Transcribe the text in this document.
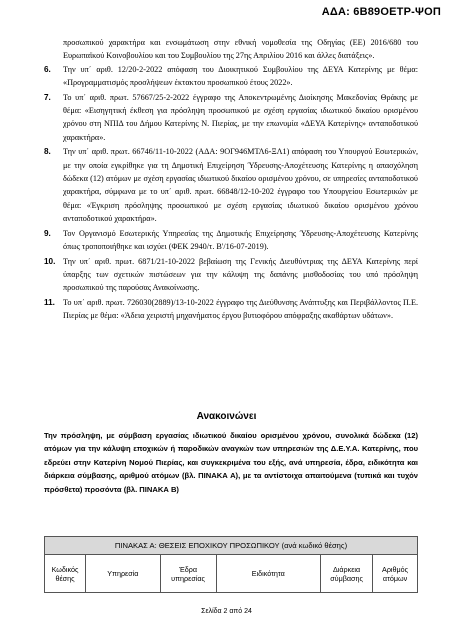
ΑΔΑ: 6Β89ΟΕΤΡ-ΨΟΠ

προσωπικού χαρακτήρα και ενσωμάτωση στην εθνική νομοθεσία της Οδηγίας (ΕΕ) 2016/680 του Ευρωπαϊκού Κοινοβουλίου και του Συμβουλίου της 27ης Απριλίου 2016 και άλλες διατάξεις».

6. Την υπ΄ αριθ. 12/20-2-2022 απόφαση του Διοικητικού Συμβουλίου της ΔΕΥΑ Κατερίνης με θέμα: «Προγραμματισμός προσλήψεων έκτακτου προσωπικού έτους 2022».

7. Το υπ΄ αριθ. πρωτ. 57667/25-2-2022 έγγραφο της Αποκεντρωμένης Διοίκησης Μακεδονίας Θράκης με θέμα: «Εισηγητική έκθεση για πρόσληψη προσωπικού με σχέση εργασίας ιδιωτικού δικαίου ορισμένου χρόνου στη ΝΠΙΔ του Δήμου Κατερίνης Ν. Πιερίας, με την επωνυμία «ΔΕΥΑ Κατερίνης» ανταποδοτικού χαρακτήρα».

8. Την υπ΄ αριθ. πρωτ. 66746/11-10-2022 (ΑΔΑ: 9ΟΓ946ΜΤΛ6-ΞΛ1) απόφαση του Υπουργού Εσωτερικών, με την οποία εγκρίθηκε για τη Δημοτική Επιχείρηση Ύδρευσης-Αποχέτευσης Κατερίνης η απασχόληση δώδεκα (12) ατόμων με σχέση εργασίας ιδιωτικού δικαίου ορισμένου χρόνου, σε υπηρεσίες ανταποδοτικού χαρακτήρα, σύμφωνα με το υπ΄ αριθ. πρωτ. 66848/12-10-202 έγγραφο του Υπουργείου Εσωτερικών με θέμα: «Έγκριση πρόσληψης προσωπικού με σχέση εργασίας ιδιωτικού δικαίου ορισμένου χρόνου ανταποδοτικού χαρακτήρα».

9. Τον Οργανισμό Εσωτερικής Υπηρεσίας της Δημοτικής Επιχείρησης Ύδρευσης-Αποχέτευσης Κατερίνης όπως τροποποιήθηκε και ισχύει (ΦΕΚ 2940/τ. Β'/16-07-2019).

10. Την υπ΄ αριθ. πρωτ. 6871/21-10-2022 βεβαίωση της Γενικής Διευθύντριας της ΔΕΥΑ Κατερίνης περί ύπαρξης των σχετικών πιστώσεων για την κάλυψη της δαπάνης μισθοδοσίας του υπό πρόσληψη προσωπικού της παρούσας Ανακοίνωσης.

11. Το υπ΄ αριθ. πρωτ. 726030(2889)/13-10-2022 έγγραφο της Διεύθυνσης Ανάπτυξης και Περιβάλλοντος Π.Ε. Πιερίας με θέμα: «Άδεια χειριστή μηχανήματος έργου βυτιοφόρου απόφραξης ακαθάρτων υδάτων».

Ανακοινώνει
Την πρόσληψη, με σύμβαση εργασίας ιδιωτικού δικαίου ορισμένου χρόνου, συνολικά δώδεκα (12) ατόμων για την κάλυψη εποχικών ή παροδικών αναγκών των υπηρεσιών της Δ.Ε.Υ.Α. Κατερίνης, που εδρεύει στην Κατερίνη Νομού Πιερίας, και συγκεκριμένα του εξής, ανά υπηρεσία, έδρα, ειδικότητα και διάρκεια σύμβασης, αριθμού ατόμων (βλ. ΠΙΝΑΚΑ Α), με τα αντίστοιχα απαιτούμενα (τυπικά και τυχόν πρόσθετα) προσόντα (βλ. ΠΙΝΑΚΑ Β)
ΠΙΝΑΚΑΣ Α: ΘΕΣΕΙΣ ΕΠΟΧΙΚΟΥ ΠΡΟΣΩΠΙΚΟΥ (ανά κωδικό θέσης)
Κωδικός θέσης	Υπηρεσία	Έδρα υπηρεσίας	Ειδικότητα	Διάρκεια σύμβασης	Αριθμός ατόμων
Σελίδα 2 από 24
